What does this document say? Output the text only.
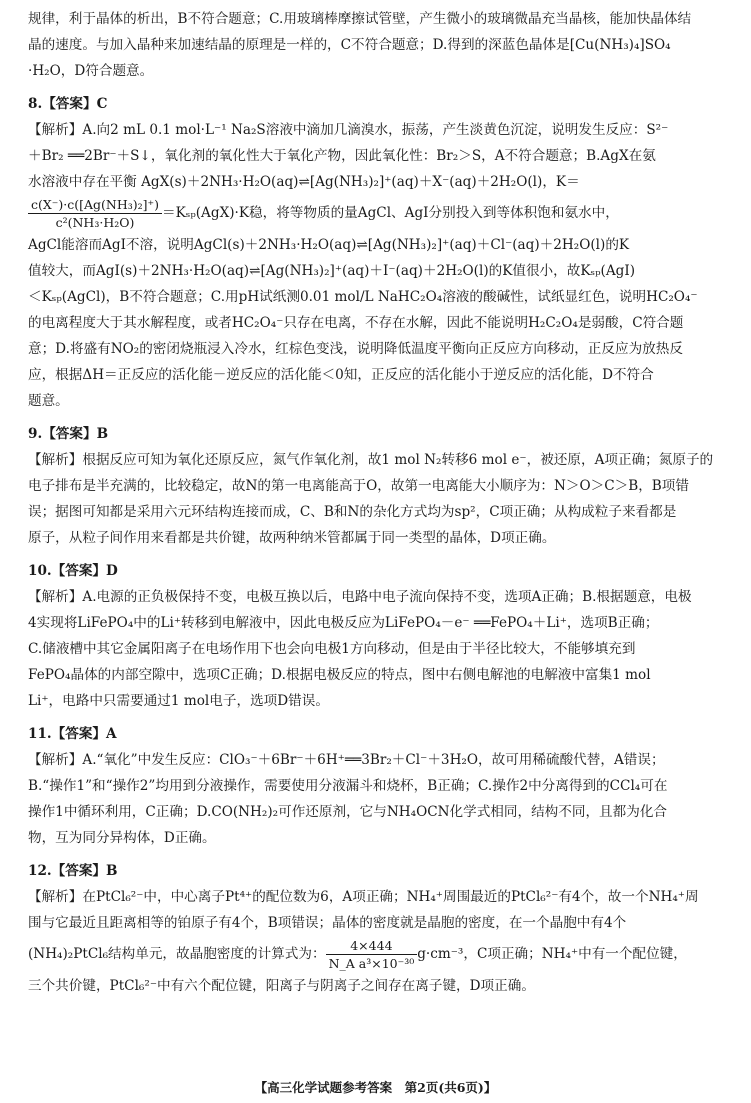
规律，利于晶体的析出，B不符合题意；C.用玻璃棒摩擦试管壁，产生微小的玻璃微晶充当晶核，能加快晶体结

晶的速度。与加入晶种来加速结晶的原理是一样的，C不符合题意；D.得到的深蓝色晶体是[Cu(NH₃)₄]SO₄

·H₂O，D符合题意。

8.【答案】C

【解析】A.向2 mL 0.1 mol·L⁻¹ Na₂S溶液中滴加几滴溴水，振荡，产生淡黄色沉淀，说明发生反应：S²⁻

＋Br₂ ══2Br⁻＋S↓，氧化剂的氧化性大于氧化产物，因此氧化性：Br₂＞S，A不符合题意；B.AgX在氨

水溶液中存在平衡 AgX(s)＋2NH₃·H₂O(aq)⇌[Ag(NH₃)₂]⁺(aq)＋X⁻(aq)＋2H₂O(l)，K＝

$\frac{\text{c(X⁻)·c([Ag(NH₃)₂]⁺)}}{\text{c²(NH₃·H₂O)}} =K_{sp}(AgX)\cdot K$稳，将等物质的量AgCl、AgI分别投入到等体积饱和氨水中，

AgCl能溶而AgI不溶，说明AgCl(s)＋2NH₃·H₂O(aq)⇌[Ag(NH₃)₂]⁺(aq)＋Cl⁻(aq)＋2H₂O(l)的K

值较大，而AgI(s)＋2NH₃·H₂O(aq)⇌[Ag(NH₃)₂]⁺(aq)＋I⁻(aq)＋2H₂O(l)的K值很小，故Kₛₚ(AgI)

＜Kₛₚ(AgCl)，B不符合题意；C.用pH试纸测0.01 mol/L NaHC₂O₄溶液的酸碱性，试纸显红色，说明HC₂O₄⁻

的电离程度大于其水解程度，或者HC₂O₄⁻只存在电离，不存在水解，因此不能说明H₂C₂O₄是弱酸，C符合题

意；D.将盛有NO₂的密闭烧瓶浸入冷水，红棕色变浅，说明降低温度平衡向正反应方向移动，正反应为放热反

应，根据ΔH＝正反应的活化能－逆反应的活化能＜0知，正反应的活化能小于逆反应的活化能，D不符合

题意。

9.【答案】B

【解析】根据反应可知为氧化还原反应，氮气作氧化剂，故1 mol N₂转移6 mol e⁻，被还原，A项正确；氮原子的

电子排布是半充满的，比较稳定，故N的第一电离能高于O，故第一电离能大小顺序为：N＞O＞C＞B，B项错

误；据图可知都是采用六元环结构连接而成，C、B和N的杂化方式均为sp²，C项正确；从构成粒子来看都是

原子，从粒子间作用来看都是共价键，故两种纳米管都属于同一类型的晶体，D项正确。

10.【答案】D

【解析】A.电源的正负极保持不变，电极互换以后，电路中电子流向保持不变，选项A正确；B.根据题意，电极

4实现将LiFePO₄中的Li⁺转移到电解液中，因此电极反应为LiFePO₄－e⁻ ══FePO₄＋Li⁺，选项B正确；

C.储液槽中其它金属阳离子在电场作用下也会向电极1方向移动，但是由于半径比较大，不能够填充到

FePO₄晶体的内部空隙中，选项C正确；D.根据电极反应的特点，图中右侧电解池的电解液中富集1 mol

Li⁺，电路中只需要通过1 mol电子，选项D错误。

11.【答案】A

【解析】A.“氧化”中发生反应：ClO₃⁻＋6Br⁻＋6H⁺══3Br₂＋Cl⁻＋3H₂O，故可用稀硫酸代替，A错误；

B.“操作1”和“操作2”均用到分液操作，需要使用分液漏斗和烧杯，B正确；C.操作2中分离得到的CCl₄可在

操作1中循环利用，C正确；D.CO(NH₂)₂可作还原剂，它与NH₄OCN化学式相同，结构不同，且都为化合

物，互为同分异构体，D正确。

12.【答案】B

【解析】在PtCl₆²⁻中，中心离子Pt⁴⁺的配位数为6，A项正确；NH₄⁺周围最近的PtCl₆²⁻有4个，故一个NH₄⁺周

围与它最近且距离相等的铂原子有4个，B项错误；晶体的密度就是晶胞的密度，在一个晶胞中有4个

(NH₄)₂PtCl₆结构单元，故晶胞密度的计算式为： $\frac{4\times 444}{\text{N\_A a³×10⁻³⁰}} g\cdot cm^{-3}$，C项正确；NH₄⁺中有一个配位键，

三个共价键，PtCl₆²⁻中有六个配位键，阳离子与阴离子之间存在离子键，D项正确。

【高三化学试题参考答案　第2页(共6页)】
